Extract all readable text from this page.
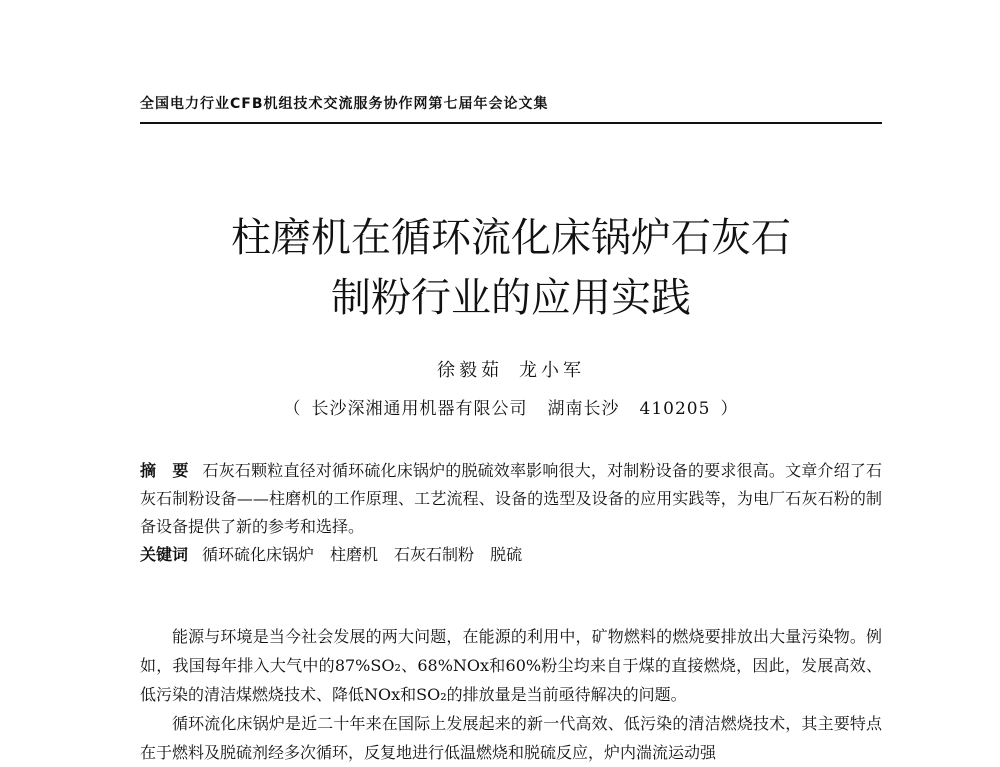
全国电力行业CFB机组技术交流服务协作网第七届年会论文集
柱磨机在循环流化床锅炉石灰石
制粉行业的应用实践
徐毅茹 龙小军
（ 长沙深湘通用机器有限公司 湖南长沙 410205 ）

摘　要 石灰石颗粒直径对循环硫化床锅炉的脱硫效率影响很大，对制粉设备的要求很高。文章介绍了石灰石制粉设备——柱磨机的工作原理、工艺流程、设备的选型及设备的应用实践等，为电厂石灰石粉的制备设备提供了新的参考和选择。

关键词 循环硫化床锅炉 柱磨机 石灰石制粉 脱硫

能源与环境是当今社会发展的两大问题，在能源的利用中，矿物燃料的燃烧要排放出大量污染物。例如，我国每年排入大气中的87%SO₂、68%NOx和60%粉尘均来自于煤的直接燃烧，因此，发展高效、低污染的清洁煤燃烧技术、降低NOx和SO₂的排放量是当前亟待解决的问题。

循环流化床锅炉是近二十年来在国际上发展起来的新一代高效、低污染的清洁燃烧技术，其主要特点在于燃料及脱硫剂经多次循环，反复地进行低温燃烧和脱硫反应，炉内湍流运动强
